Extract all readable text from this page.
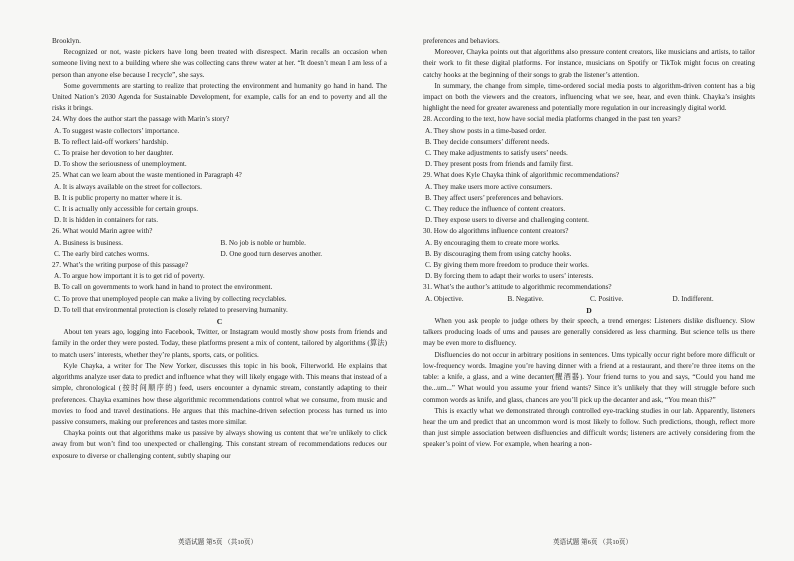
Brooklyn.

Recognized or not, waste pickers have long been treated with disrespect. Marin recalls an occasion when someone living next to a building where she was collecting cans threw water at her. “It doesn’t mean I am less of a person than anyone else because I recycle”, she says.

Some governments are starting to realize that protecting the environment and humanity go hand in hand. The United Nation’s 2030 Agenda for Sustainable Development, for example, calls for an end to poverty and all the risks it brings.

24. Why does the author start the passage with Marin’s story?

A. To suggest waste collectors’ importance.

B. To reflect laid-off workers’ hardship.

C. To praise her devotion to her daughter.

D. To show the seriousness of unemployment.

25. What can we learn about the waste mentioned in Paragraph 4?

A. It is always available on the street for collectors.

B. It is public property no matter where it is.

C. It is actually only accessible for certain groups.

D. It is hidden in containers for rats.

26. What would Marin agree with?

A. Business is business.	B. No job is noble or humble.
C. The early bird catches worms.	D. One good turn deserves another.

27. What’s the writing purpose of this passage?

A. To argue how important it is to get rid of poverty.

B. To call on governments to work hand in hand to protect the environment.

C. To prove that unemployed people can make a living by collecting recyclables.

D. To tell that environmental protection is closely related to preserving humanity.

C

About ten years ago, logging into Facebook, Twitter, or Instagram would mostly show posts from friends and family in the order they were posted. Today, these platforms present a mix of content, tailored by algorithms (算法) to match users’ interests, whether they’re plants, sports, cats, or politics.

Kyle Chayka, a writer for The New Yorker, discusses this topic in his book, Filterworld. He explains that algorithms analyze user data to predict and influence what they will likely engage with. This means that instead of a simple, chronological (按时间顺序的) feed, users encounter a dynamic stream, constantly adapting to their preferences. Chayka examines how these algorithmic recommendations control what we consume, from music and movies to food and travel destinations. He argues that this machine-driven selection process has turned us into passive consumers, making our preferences and tastes more similar.

Chayka points out that algorithms make us passive by always showing us content that we’re unlikely to click away from but won’t find too unexpected or challenging. This constant stream of recommendations reduces our exposure to diverse or challenging content, subtly shaping our

英语试题 第5页 （共10页）

preferences and behaviors.

Moreover, Chayka points out that algorithms also pressure content creators, like musicians and artists, to tailor their work to fit these digital platforms. For instance, musicians on Spotify or TikTok might focus on creating catchy hooks at the beginning of their songs to grab the listener’s attention.

In summary, the change from simple, time-ordered social media posts to algorithm-driven content has a big impact on both the viewers and the creators, influencing what we see, hear, and even think. Chayka’s insights highlight the need for greater awareness and potentially more regulation in our increasingly digital world.

28. According to the text, how have social media platforms changed in the past ten years?

A. They show posts in a time-based order.

B. They decide consumers’ different needs.

C. They make adjustments to satisfy users’ needs.

D. They present posts from friends and family first.

29. What does Kyle Chayka think of algorithmic recommendations?

A. They make users more active consumers.

B. They affect users’ preferences and behaviors.

C. They reduce the influence of content creators.

D. They expose users to diverse and challenging content.

30. How do algorithms influence content creators?

A. By encouraging them to create more works.

B. By discouraging them from using catchy hooks.

C. By giving them more freedom to produce their works.

D. By forcing them to adapt their works to users’ interests.

31. What’s the author’s attitude to algorithmic recommendations?

A. Objective.	B. Negative.	C. Positive.	D. Indifferent.

D

When you ask people to judge others by their speech, a trend emerges: Listeners dislike disfluency. Slow talkers producing loads of ums and pauses are generally considered as less charming. But science tells us there may be even more to disfluency.

Disfluencies do not occur in arbitrary positions in sentences. Ums typically occur right before more difficult or low-frequency words. Imagine you’re having dinner with a friend at a restaurant, and there’re three items on the table: a knife, a glass, and a wine decanter(醒酒器). Your friend turns to you and says, “Could you hand me the...um...” What would you assume your friend wants? Since it’s unlikely that they will struggle before such common words as knife, and glass, chances are you’ll pick up the decanter and ask, “You mean this?”

This is exactly what we demonstrated through controlled eye-tracking studies in our lab. Apparently, listeners hear the um and predict that an uncommon word is most likely to follow. Such predictions, though, reflect more than just simple association between disfluencies and difficult words; listeners are actively considering from the speaker’s point of view. For example, when hearing a non-

英语试题 第6页 （共10页）
